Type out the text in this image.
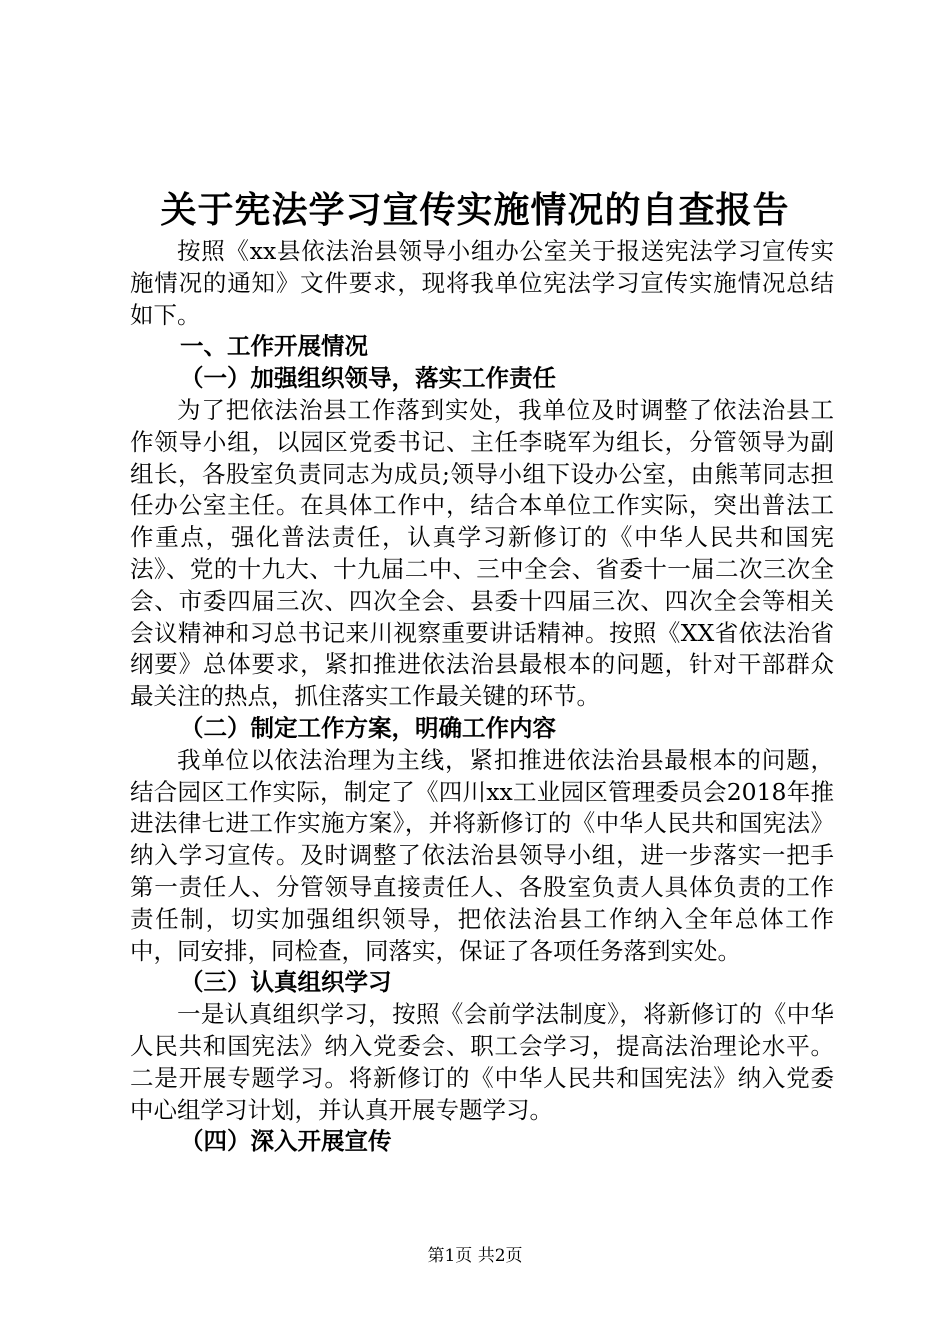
关于宪法学习宣传实施情况的自查报告

按照《xx县依法治县领导小组办公室关于报送宪法学习宣传实施情况的通知》文件要求，现将我单位宪法学习宣传实施情况总结如下。

一、工作开展情况

（一）加强组织领导，落实工作责任

为了把依法治县工作落到实处，我单位及时调整了依法治县工作领导小组，以园区党委书记、主任李晓军为组长，分管领导为副组长，各股室负责同志为成员;领导小组下设办公室，由熊苇同志担任办公室主任。在具体工作中，结合本单位工作实际，突出普法工作重点，强化普法责任，认真学习新修订的《中华人民共和国宪法》、党的十九大、十九届二中、三中全会、省委十一届二次三次全会、市委四届三次、四次全会、县委十四届三次、四次全会等相关会议精神和习总书记来川视察重要讲话精神。按照《XX省依法治省纲要》总体要求，紧扣推进依法治县最根本的问题，针对干部群众最关注的热点，抓住落实工作最关键的环节。

（二）制定工作方案，明确工作内容

我单位以依法治理为主线，紧扣推进依法治县最根本的问题，结合园区工作实际，制定了《四川xx工业园区管理委员会2018年推进法律七进工作实施方案》，并将新修订的《中华人民共和国宪法》纳入学习宣传。及时调整了依法治县领导小组，进一步落实一把手第一责任人、分管领导直接责任人、各股室负责人具体负责的工作责任制，切实加强组织领导，把依法治县工作纳入全年总体工作中，同安排，同检查，同落实，保证了各项任务落到实处。

（三）认真组织学习

一是认真组织学习，按照《会前学法制度》，将新修订的《中华人民共和国宪法》纳入党委会、职工会学习，提高法治理论水平。二是开展专题学习。将新修订的《中华人民共和国宪法》纳入党委中心组学习计划，并认真开展专题学习。

（四）深入开展宣传

第1页 共2页
